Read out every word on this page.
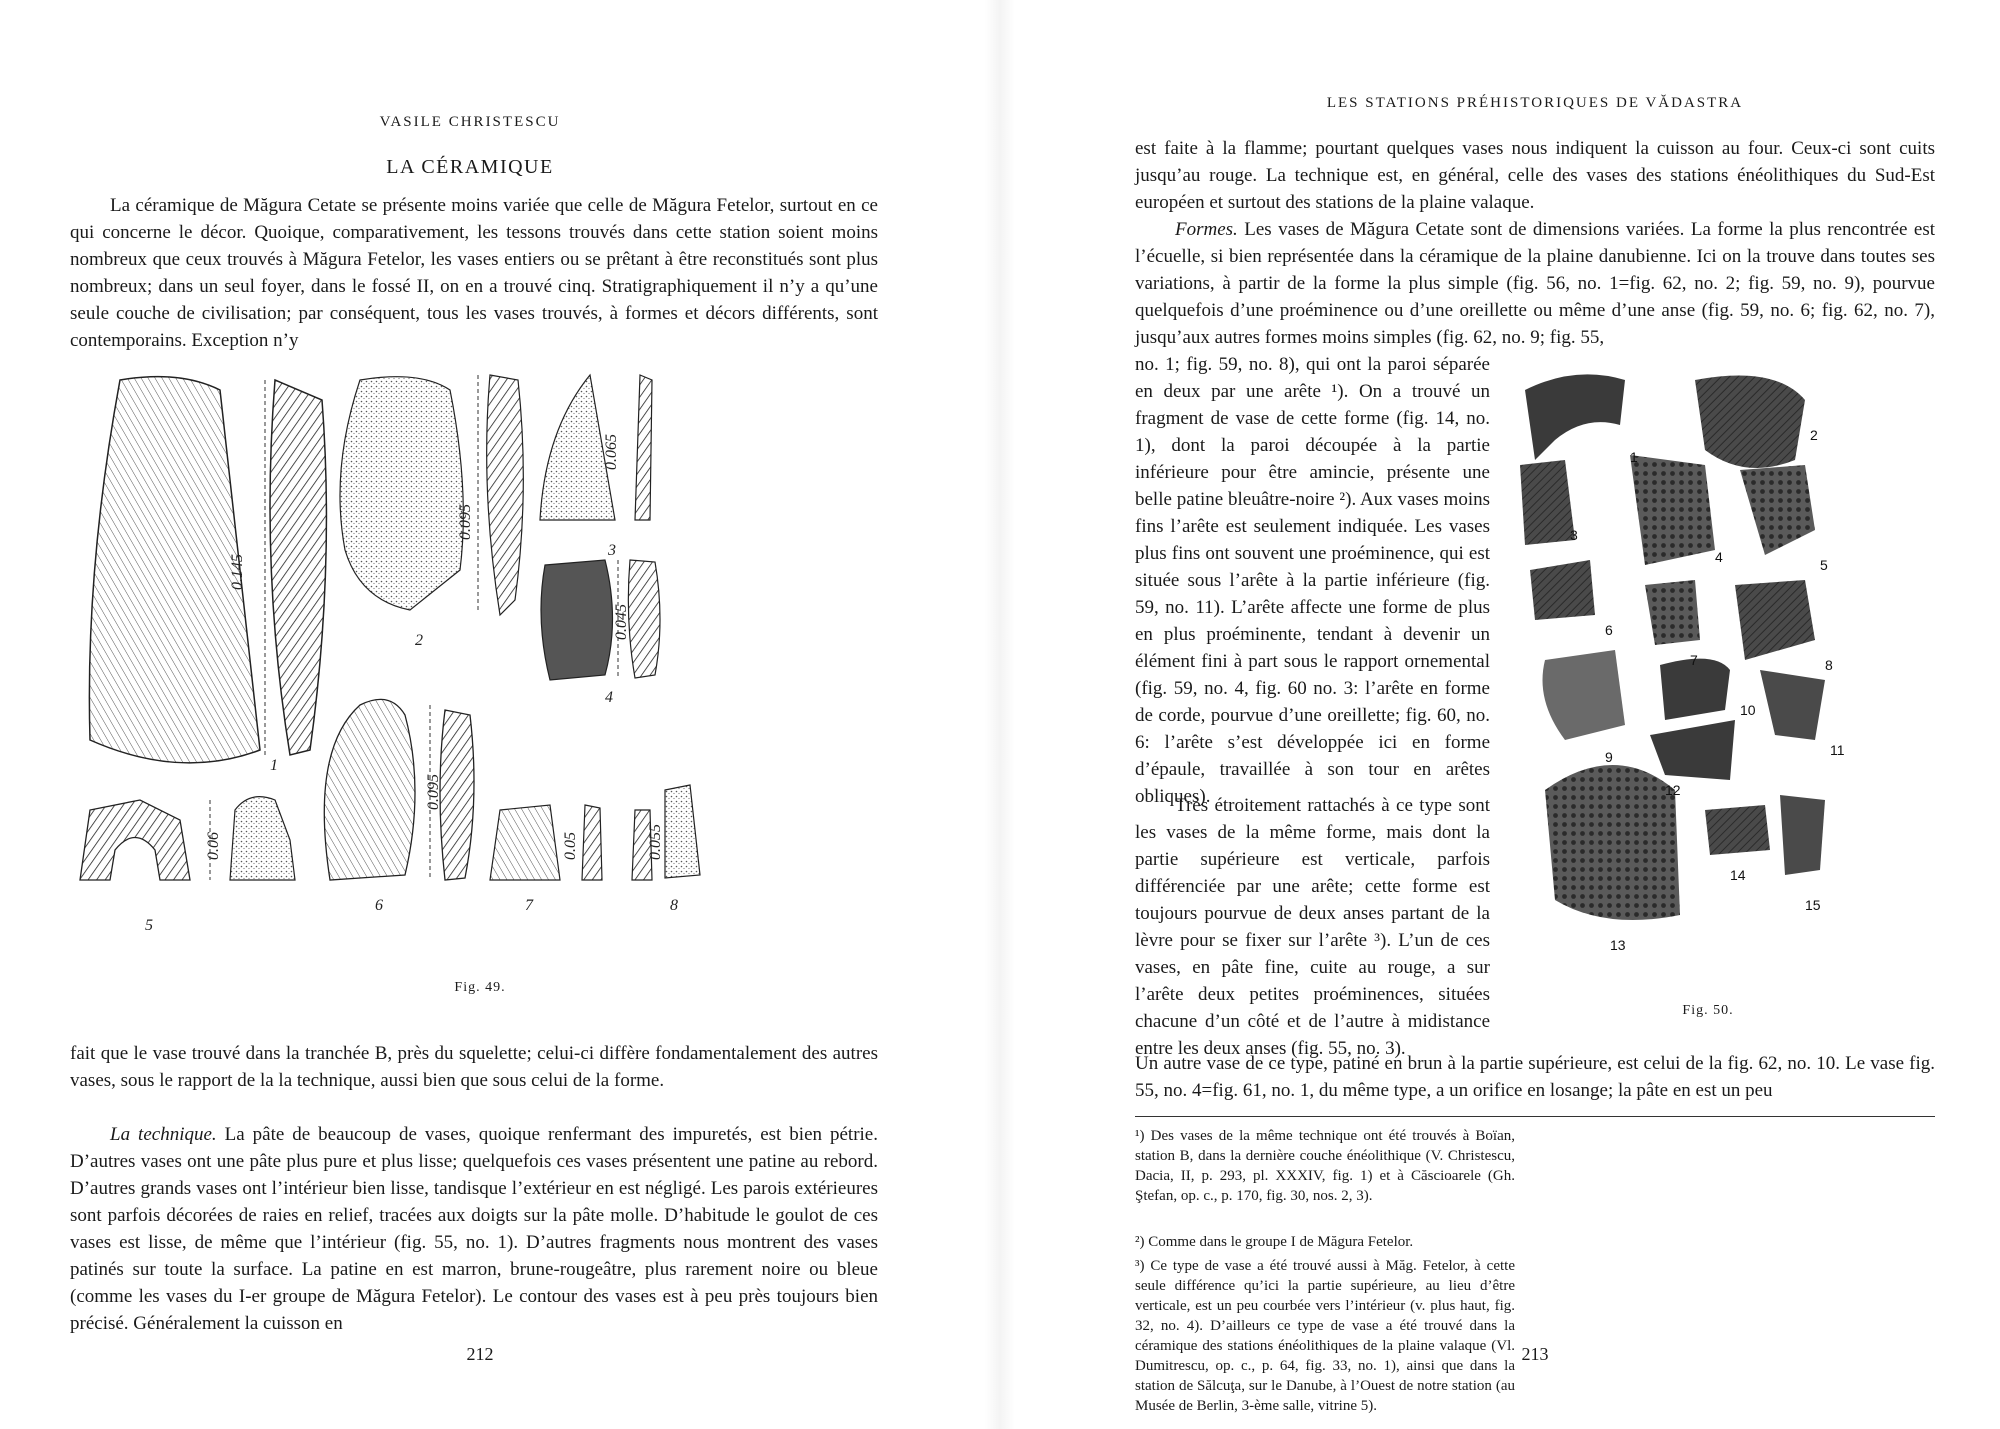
VASILE CHRISTESCU
LA CÉRAMIQUE

La céramique de Măgura Cetate se présente moins variée que celle de Măgura Fetelor, surtout en ce qui concerne le décor. Quoique, comparativement, les tessons trouvés dans cette station soient moins nombreux que ceux trouvés à Măgura Fetelor, les vases entiers ou se prêtant à être reconstitués sont plus nombreux; dans un seul foyer, dans le fossé II, on en a trouvé cinq. Stratigraphiquement il n’y a qu’une seule couche de civilisation; par conséquent, tous les vases trouvés, à formes et décors différents, sont contemporains. Exception n’y

1
2
3
4
5
6	7	8
0.145
0.095
0.065
0.045
0.06
0.095
0.05	0.055
Fig. 49.

fait que le vase trouvé dans la tranchée B, près du squelette; celui-ci diffère fondamentalement des autres vases, sous le rapport de la la technique, aussi bien que sous celui de la forme.

La technique. La pâte de beaucoup de vases, quoique renfermant des impuretés, est bien pétrie. D’autres vases ont une pâte plus pure et plus lisse; quelquefois ces vases présentent une patine au rebord. D’autres grands vases ont l’intérieur bien lisse, tandisque l’extérieur en est négligé. Les parois extérieures sont parfois décorées de raies en relief, tracées aux doigts sur la pâte molle. D’habitude le goulot de ces vases est lisse, de même que l’intérieur (fig. 55, no. 1). D’autres fragments nous montrent des vases patinés sur toute la surface. La patine en est marron, brune-rougeâtre, plus rarement noire ou bleue (comme les vases du I-er groupe de Măgura Fetelor). Le contour des vases est à peu près toujours bien précisé. Généralement la cuisson en

212
LES STATIONS PRÉHISTORIQUES DE VĂDASTRA

est faite à la flamme; pourtant quelques vases nous indiquent la cuisson au four. Ceux-ci sont cuits jusqu’au rouge. La technique est, en général, celle des vases des stations énéolithiques du Sud-Est européen et surtout des stations de la plaine valaque.

Formes. Les vases de Măgura Cetate sont de dimensions variées. La forme la plus rencontrée est l’écuelle, si bien représentée dans la céramique de la plaine danubienne. Ici on la trouve dans toutes ses variations, à partir de la forme la plus simple (fig. 56, no. 1=fig. 62, no. 2; fig. 59, no. 9), pourvue quelquefois d’une proéminence ou d’une oreillette ou même d’une anse (fig. 59, no. 6; fig. 62, no. 7), jusqu’aux autres formes moins simples (fig. 62, no. 9; fig. 55,

no. 1; fig. 59, no. 8), qui ont la paroi séparée en deux par une arête ¹). On a trouvé un fragment de vase de cette forme (fig. 14, no. 1), dont la paroi découpée à la partie inférieure pour être amincie, présente une belle patine bleuâtre-noire ²). Aux vases moins fins l’arête est seulement indiquée. Les vases plus fins ont souvent une proéminence, qui est située sous l’arête à la partie inférieure (fig. 59, no. 11). L’arête affecte une forme de plus en plus proéminente, tendant à devenir un élément fini à part sous le rapport ornemental (fig. 59, no. 4, fig. 60 no. 3: l’arête en forme de corde, pourvue d’une oreillette; fig. 60, no. 6: l’arête s’est développée ici en forme d’épaule, travaillée à son tour en arêtes obliques).

Très étroitement rattachés à ce type sont les vases de la même forme, mais dont la partie supérieure est verticale, parfois différenciée par une arête; cette forme est toujours pourvue de deux anses partant de la lèvre pour se fixer sur l’arête ³). L’un de ces vases, en pâte fine, cuite au rouge, a sur l’arête deux petites proéminences, situées chacune d’un côté et de l’autre à midistance entre les deux anses (fig. 55, no. 3).

1
2
3
4	5
6
7	8
9
10
11
12
13
14
15
Fig. 50.

Un autre vase de ce type, patiné en brun à la partie supérieure, est celui de la fig. 62, no. 10. Le vase fig. 55, no. 4=fig. 61, no. 1, du même type, a un orifice en losange; la pâte en est un peu

¹) Des vases de la même technique ont été trouvés à Boïan, station B, dans la dernière couche énéolithique (V. Christescu, Dacia, II, p. 293, pl. XXXIV, fig. 1) et à Căscioarele (Gh. Ştefan, op. c., p. 170, fig. 30, nos. 2, 3).

²) Comme dans le groupe I de Măgura Fetelor.

³) Ce type de vase a été trouvé aussi à Măg. Fetelor, à cette seule différence qu’ici la partie supérieure, au lieu d’être verticale, est un peu courbée vers l’intérieur (v. plus haut, fig. 32, no. 4). D’ailleurs ce type de vase a été trouvé dans la céramique des stations énéolithiques de la plaine valaque (Vl. Dumitrescu, op. c., p. 64, fig. 33, no. 1), ainsi que dans la station de Sălcuţa, sur le Danube, à l’Ouest de notre station (au Musée de Berlin, 3-ème salle, vitrine 5).

213
